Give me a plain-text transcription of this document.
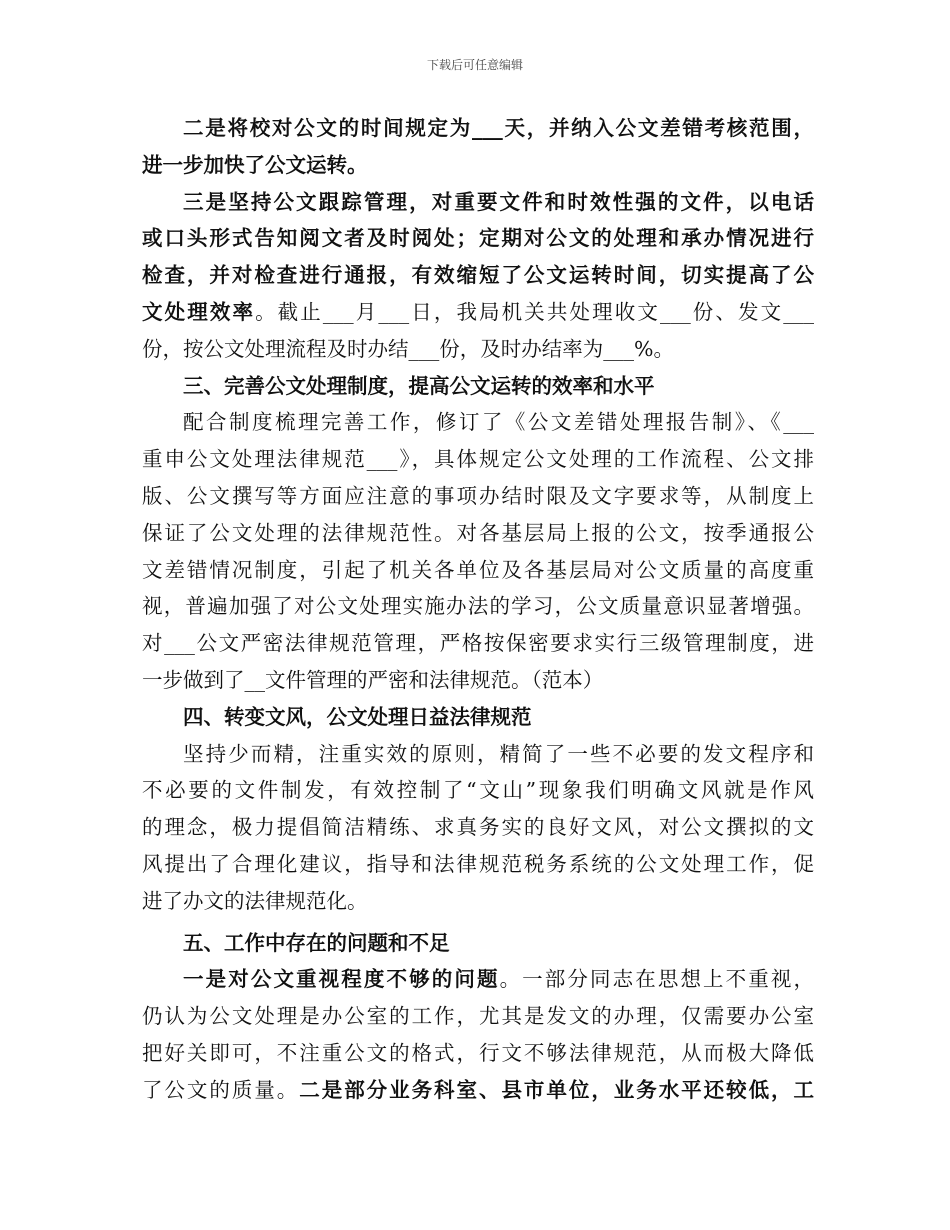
下载后可任意编辑
二是将校对公文的时间规定为___天，并纳入公文差错考核范围，
进一步加快了公文运转。
三是坚持公文跟踪管理，对重要文件和时效性强的文件，以电话
或口头形式告知阅文者及时阅处；定期对公文的处理和承办情况进行
检查，并对检查进行通报，有效缩短了公文运转时间，切实提高了公
文处理效率。截止___月___日，我局机关共处理收文___份、发文___
份，按公文处理流程及时办结___份，及时办结率为___%。
三、完善公文处理制度，提高公文运转的效率和水平
配合制度梳理完善工作，修订了《公文差错处理报告制》、《___
重申公文处理法律规范___》，具体规定公文处理的工作流程、公文排
版、公文撰写等方面应注意的事项办结时限及文字要求等，从制度上
保证了公文处理的法律规范性。对各基层局上报的公文，按季通报公
文差错情况制度，引起了机关各单位及各基层局对公文质量的高度重
视，普遍加强了对公文处理实施办法的学习，公文质量意识显著增强。
对___公文严密法律规范管理，严格按保密要求实行三级管理制度，进
一步做到了__文件管理的严密和法律规范。（范本）
四、转变文风，公文处理日益法律规范
坚持少而精，注重实效的原则，精简了一些不必要的发文程序和
不必要的文件制发，有效控制了“文山”现象我们明确文风就是作风
的理念，极力提倡简洁精练、求真务实的良好文风，对公文撰拟的文
风提出了合理化建议，指导和法律规范税务系统的公文处理工作，促
进了办文的法律规范化。
五、工作中存在的问题和不足
一是对公文重视程度不够的问题。一部分同志在思想上不重视，
仍认为公文处理是办公室的工作，尤其是发文的办理，仅需要办公室
把好关即可，不注重公文的格式，行文不够法律规范，从而极大降低
了公文的质量。二是部分业务科室、县市单位，业务水平还较低，工
